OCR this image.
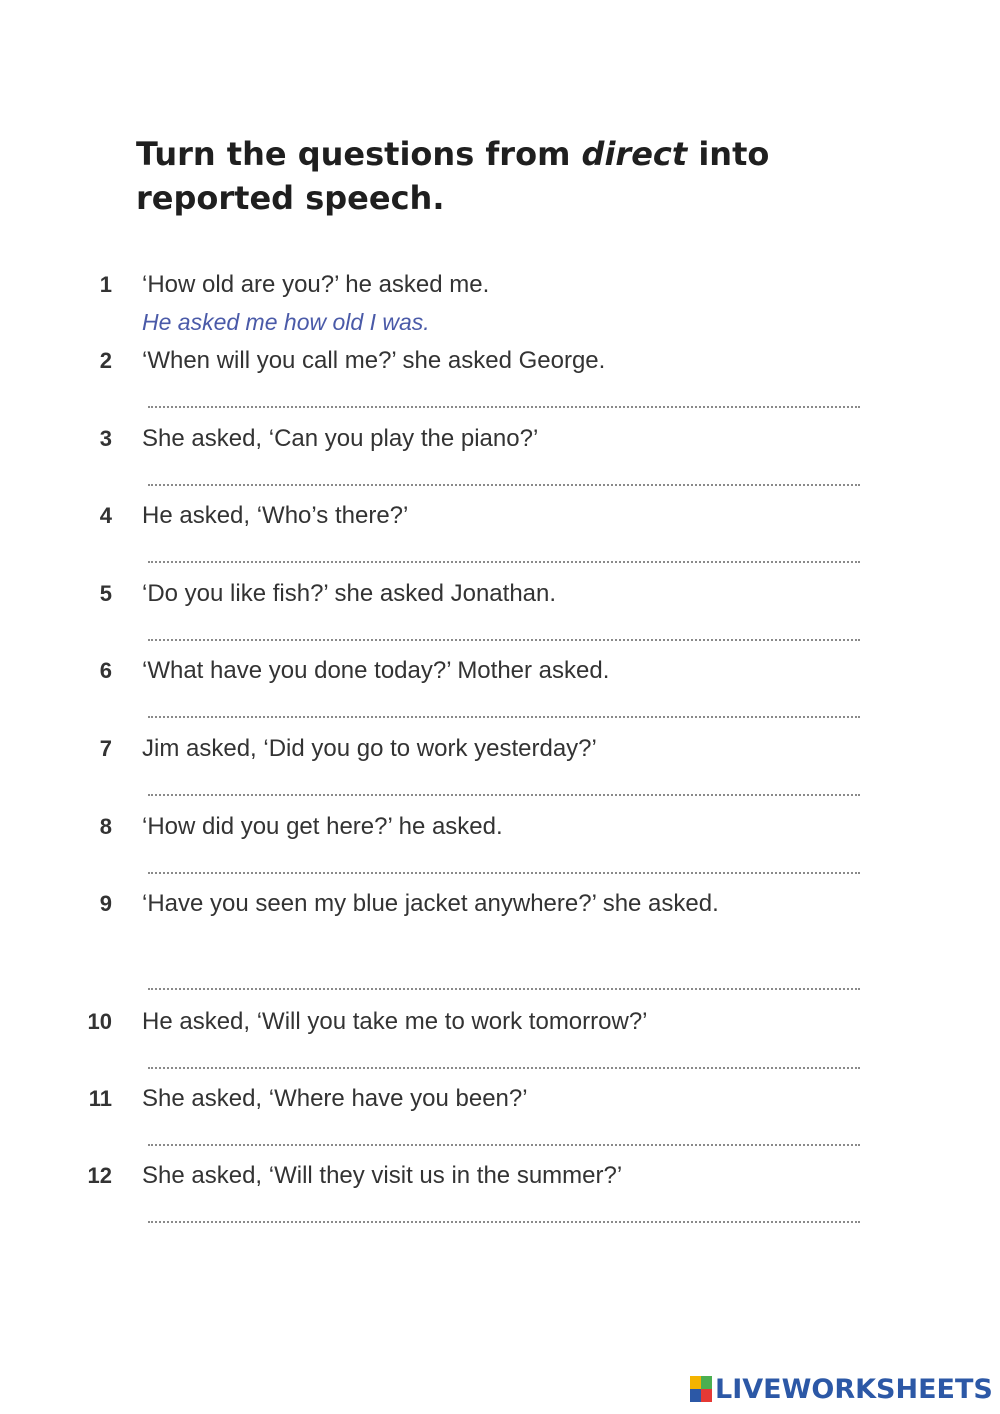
Turn the questions from direct into reported speech.
1 ‘How old are you?’ he asked me.
He asked me how old I was.
2 ‘When will you call me?’ she asked George.
3 She asked, ‘Can you play the piano?’
4 He asked, ‘Who’s there?’
5 ‘Do you like fish?’ she asked Jonathan.
6 ‘What have you done today?’ Mother asked.
7 Jim asked, ‘Did you go to work yesterday?’
8 ‘How did you get here?’ he asked.
9 ‘Have you seen my blue jacket anywhere?’ she asked.
10 He asked, ‘Will you take me to work tomorrow?’
11 She asked, ‘Where have you been?’
12 She asked, ‘Will they visit us in the summer?’
LIVEWORKSHEETS
